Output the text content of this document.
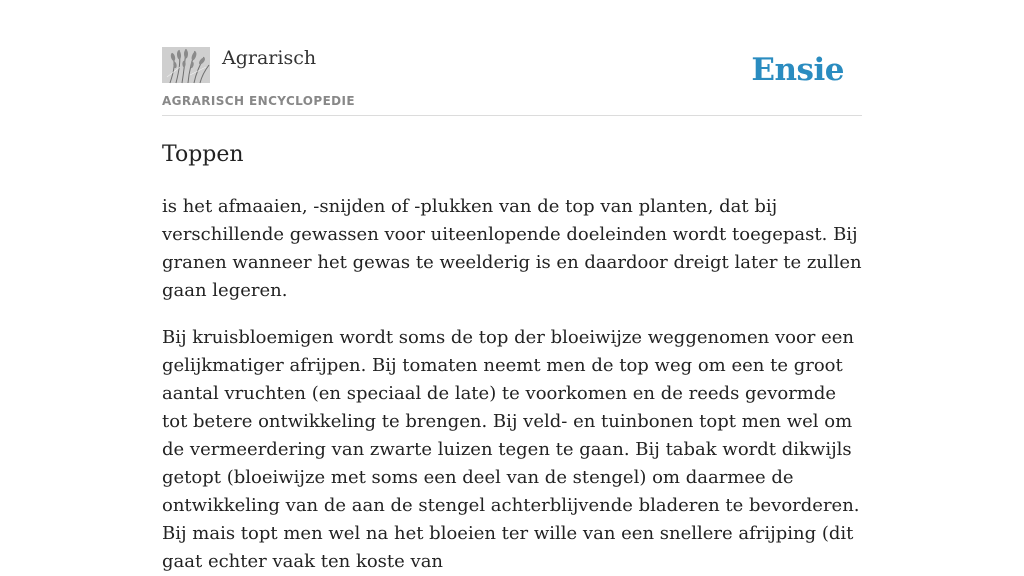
Agrarisch
AGRARISCH ENCYCLOPEDIE
Ensie
Toppen

is het afmaaien, -snijden of -plukken van de top van planten, dat bij verschillende gewassen voor uiteenlopende doeleinden wordt toegepast. Bij granen wanneer het gewas te weelderig is en daardoor dreigt later te zullen gaan legeren.

Bij kruisbloemigen wordt soms de top der bloeiwijze weggenomen voor een gelijkmatiger afrijpen. Bij tomaten neemt men de top weg om een te groot aantal vruchten (en speciaal de late) te voorkomen en de reeds gevormde tot betere ontwikkeling te brengen. Bij veld- en tuinbonen topt men wel om de vermeerdering van zwarte luizen tegen te gaan. Bij tabak wordt dikwijls getopt (bloeiwijze met soms een deel van de stengel) om daarmee de ontwikkeling van de aan de stengel achterblijvende bladeren te bevorderen. Bij mais topt men wel na het bloeien ter wille van een snellere afrijping (dit gaat echter vaak ten koste van
